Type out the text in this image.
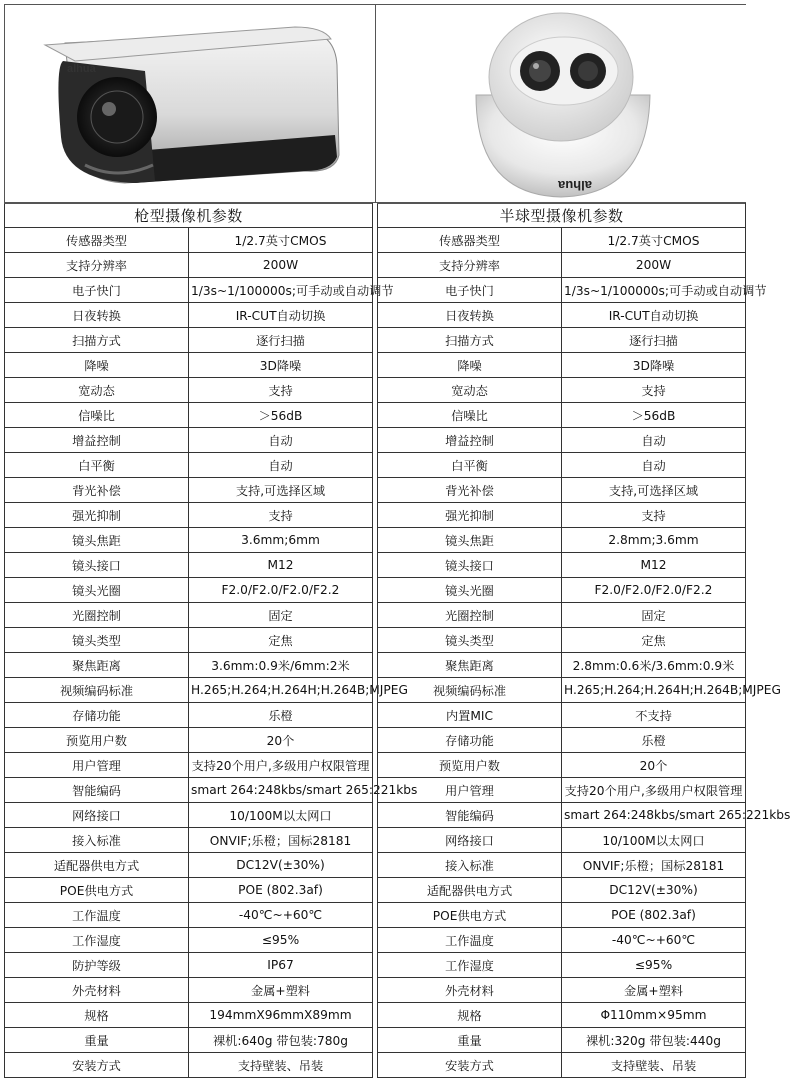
alhua
alhua
枪型摄像机参数	
传感器类型	1/2.7英寸CMOS
支持分辨率	200W
电子快门	1/3s~1/100000s;可手动或自动调节
日夜转换	IR-CUT自动切换
扫描方式	逐行扫描
降噪	3D降噪
宽动态	支持
信噪比	＞56dB
增益控制	自动
白平衡	自动
背光补偿	支持,可选择区域
强光抑制	支持
镜头焦距	3.6mm;6mm
镜头接口	M12
镜头光圈	F2.0/F2.0/F2.0/F2.2
光圈控制	固定
镜头类型	定焦
聚焦距离	3.6mm:0.9米/6mm:2米
视频编码标准	H.265;H.264;H.264H;H.264B;MJPEG
存储功能	乐橙
预览用户数	20个
用户管理	支持20个用户,多级用户权限管理
智能编码	smart 264:248kbs/smart 265:221kbs
网络接口	10/100M以太网口
接入标准	ONVIF;乐橙；国标28181
适配器供电方式	DC12V(±30%)
POE供电方式	POE (802.3af)
工作温度	-40℃~+60℃
工作湿度	≤95%
防护等级	IP67
外壳材料	金属+塑料
规格	194mmX96mmX89mm
重量	裸机:640g 带包装:780g
安装方式	支持壁装、吊装
半球型摄像机参数	
传感器类型	1/2.7英寸CMOS
支持分辨率	200W
电子快门	1/3s~1/100000s;可手动或自动调节
日夜转换	IR-CUT自动切换
扫描方式	逐行扫描
降噪	3D降噪
宽动态	支持
信噪比	＞56dB
增益控制	自动
白平衡	自动
背光补偿	支持,可选择区域
强光抑制	支持
镜头焦距	2.8mm;3.6mm
镜头接口	M12
镜头光圈	F2.0/F2.0/F2.0/F2.2
光圈控制	固定
镜头类型	定焦
聚焦距离	2.8mm:0.6米/3.6mm:0.9米
视频编码标准	H.265;H.264;H.264H;H.264B;MJPEG
内置MIC	不支持
存储功能	乐橙
预览用户数	20个
用户管理	支持20个用户,多级用户权限管理
智能编码	smart 264:248kbs/smart 265:221kbs
网络接口	10/100M以太网口
接入标准	ONVIF;乐橙；国标28181
适配器供电方式	DC12V(±30%)
POE供电方式	POE (802.3af)
工作温度	-40℃~+60℃
工作湿度	≤95%
外壳材料	金属+塑料
规格	Φ110mm×95mm
重量	裸机:320g 带包装:440g
安装方式	支持壁装、吊装
